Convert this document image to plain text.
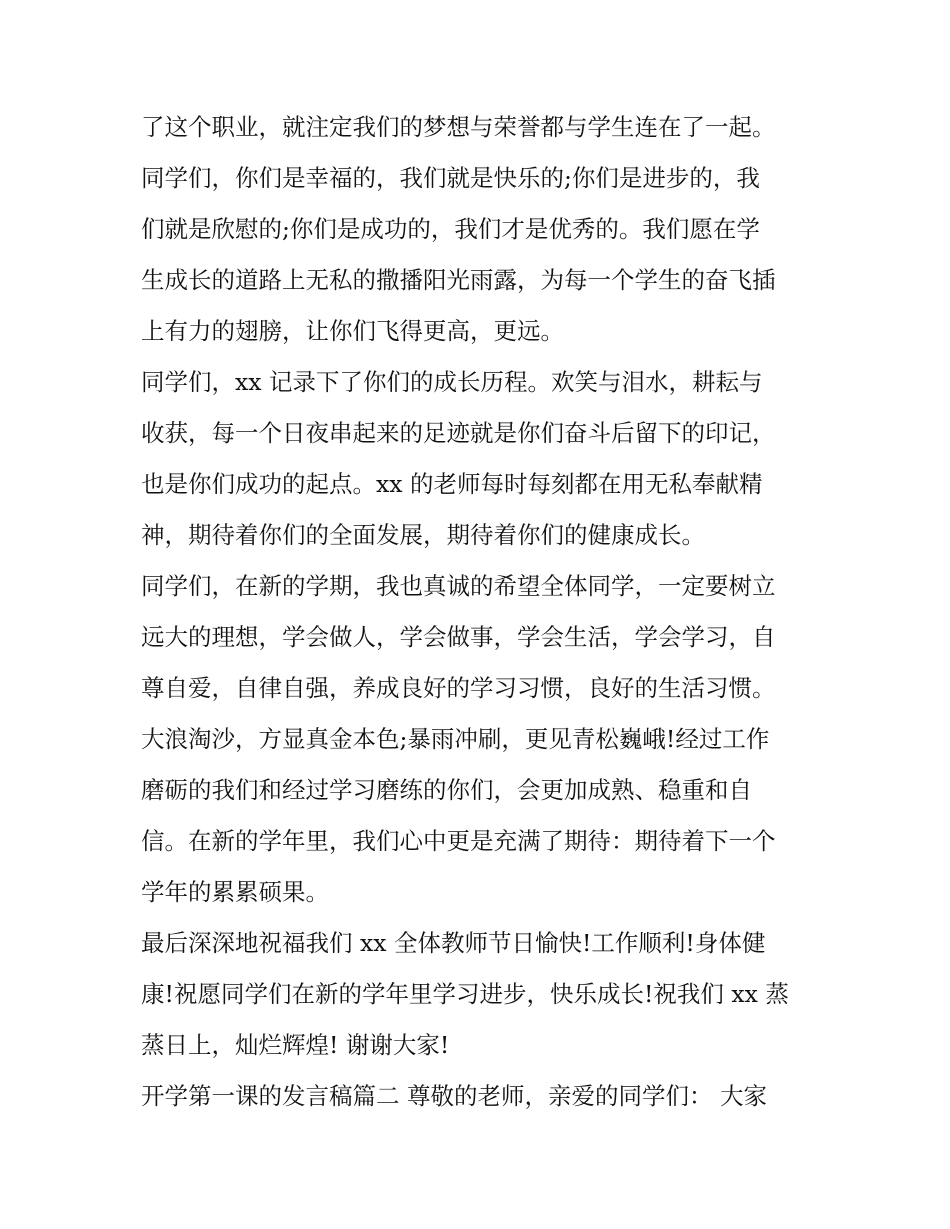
了这个职业，就注定我们的梦想与荣誉都与学生连在了一起。
同学们，你们是幸福的，我们就是快乐的;你们是进步的，我
们就是欣慰的;你们是成功的，我们才是优秀的。我们愿在学
生成长的道路上无私的撒播阳光雨露，为每一个学生的奋飞插
上有力的翅膀，让你们飞得更高，更远。
同学们，xx 记录下了你们的成长历程。欢笑与泪水，耕耘与
收获，每一个日夜串起来的足迹就是你们奋斗后留下的印记，
也是你们成功的起点。xx 的老师每时每刻都在用无私奉献精
神，期待着你们的全面发展，期待着你们的健康成长。
同学们，在新的学期，我也真诚的希望全体同学，一定要树立
远大的理想，学会做人，学会做事，学会生活，学会学习，自
尊自爱，自律自强，养成良好的学习习惯，良好的生活习惯。
大浪淘沙，方显真金本色;暴雨冲刷，更见青松巍峨!经过工作
磨砺的我们和经过学习磨练的你们，会更加成熟、稳重和自
信。在新的学年里，我们心中更是充满了期待：期待着下一个
学年的累累硕果。
最后深深地祝福我们 xx 全体教师节日愉快!工作顺利!身体健
康!祝愿同学们在新的学年里学习进步，快乐成长!祝我们 xx 蒸
蒸日上，灿烂辉煌! 谢谢大家!
开学第一课的发言稿篇二 尊敬的老师，亲爱的同学们： 大家
